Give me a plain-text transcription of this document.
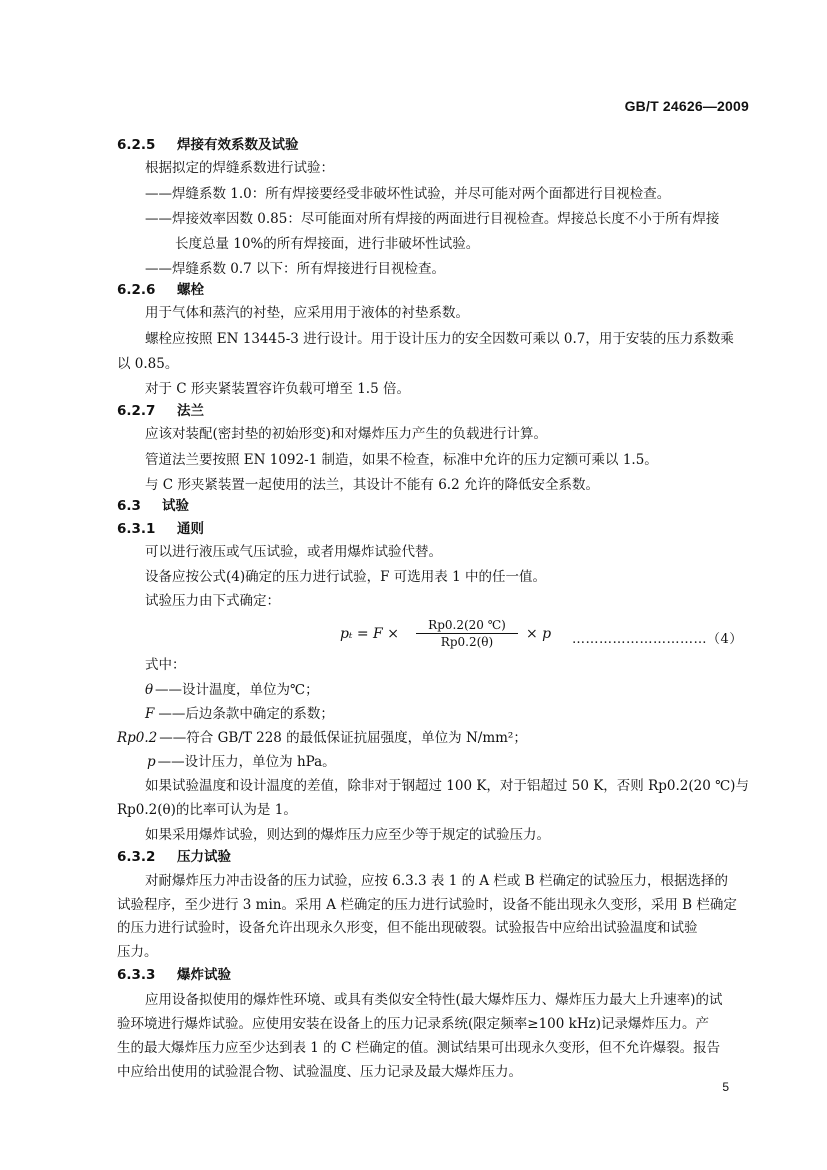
GB/T 24626—2009
6.2.5 焊接有效系数及试验
根据拟定的焊缝系数进行试验：
——焊缝系数 1.0：所有焊接要经受非破坏性试验，并尽可能对两个面都进行目视检查。
——焊接效率因数 0.85：尽可能面对所有焊接的两面进行目视检查。焊接总长度不小于所有焊接
长度总量 10%的所有焊接面，进行非破坏性试验。
——焊缝系数 0.7 以下：所有焊接进行目视检查。
6.2.6 螺栓
用于气体和蒸汽的衬垫，应采用用于液体的衬垫系数。
螺栓应按照 EN 13445-3 进行设计。用于设计压力的安全因数可乘以 0.7，用于安装的压力系数乘
以 0.85。
对于 C 形夹紧装置容许负载可增至 1.5 倍。
6.2.7 法兰
应该对装配(密封垫的初始形变)和对爆炸压力产生的负载进行计算。
管道法兰要按照 EN 1092-1 制造，如果不检查，标准中允许的压力定额可乘以 1.5。
与 C 形夹紧装置一起使用的法兰，其设计不能有 6.2 允许的降低安全系数。
6.3 试验
6.3.1 通则
可以进行液压或气压试验，或者用爆炸试验代替。
设备应按公式(4)确定的压力进行试验，F 可选用表 1 中的任一值。
试验压力由下式确定：
pₜ = F ×
Rp0.2(20 ℃)
Rp0.2(θ)	× p …………………………（4）
式中：
θ ——设计温度，单位为℃；
F ——后边条款中确定的系数；
Rp0.2 ——符合 GB/T 228 的最低保证抗屈强度，单位为 N/mm²；
p ——设计压力，单位为 hPa。
如果试验温度和设计温度的差值，除非对于钢超过 100 K，对于铝超过 50 K，否则 Rp0.2(20 ℃)与
Rp0.2(θ)的比率可认为是 1。
如果采用爆炸试验，则达到的爆炸压力应至少等于规定的试验压力。
6.3.2 压力试验
对耐爆炸压力冲击设备的压力试验，应按 6.3.3 表 1 的 A 栏或 B 栏确定的试验压力，根据选择的
试验程序，至少进行 3 min。采用 A 栏确定的压力进行试验时，设备不能出现永久变形，采用 B 栏确定
的压力进行试验时，设备允许出现永久形变，但不能出现破裂。试验报告中应给出试验温度和试验
压力。
6.3.3 爆炸试验
应用设备拟使用的爆炸性环境、或具有类似安全特性(最大爆炸压力、爆炸压力最大上升速率)的试
验环境进行爆炸试验。应使用安装在设备上的压力记录系统(限定频率≥100 kHz)记录爆炸压力。产
生的最大爆炸压力应至少达到表 1 的 C 栏确定的值。测试结果可出现永久变形，但不允许爆裂。报告
中应给出使用的试验混合物、试验温度、压力记录及最大爆炸压力。
5
